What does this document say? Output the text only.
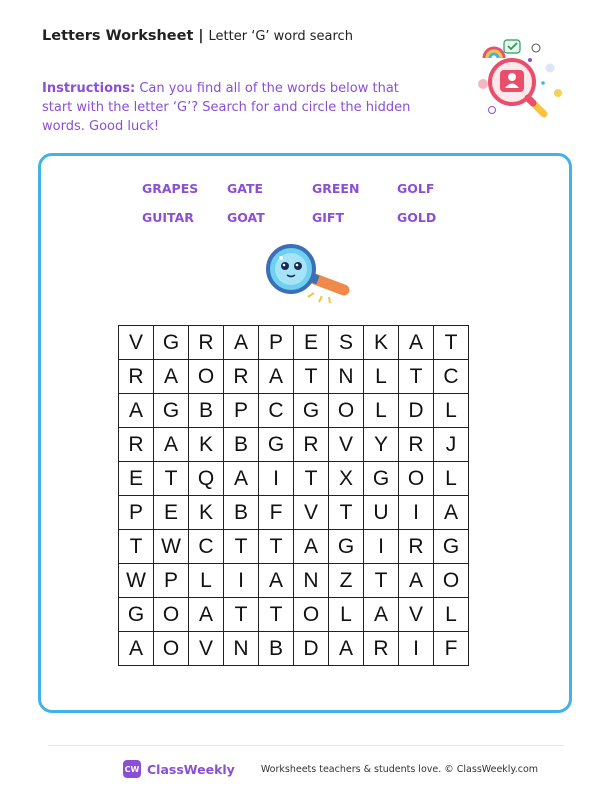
Letters Worksheet | Letter ‘G’ word search
Instructions: Can you find all of the words below that start with the letter ‘G’? Search for and circle the hidden words. Good luck!
GRAPES	GATE	GREEN	GOLF
GUITAR	GOAT	GIFT	GOLD
V	G	R	A	P	E	S	K	A	T
R	A	O	R	A	T	N	L	T	C
A	G	B	P	C	G	O	L	D	L
R	A	K	B	G	R	V	Y	R	J
E	T	Q	A	I	T	X	G	O	L
P	E	K	B	F	V	T	U	I	A
T	W	C	T	T	A	G	I	R	G
W	P	L	I	A	N	Z	T	A	O
G	O	A	T	T	O	L	A	V	L
A	O	V	N	B	D	A	R	I	F
CW ClassWeekly	Worksheets teachers & students love. © ClassWeekly.com
